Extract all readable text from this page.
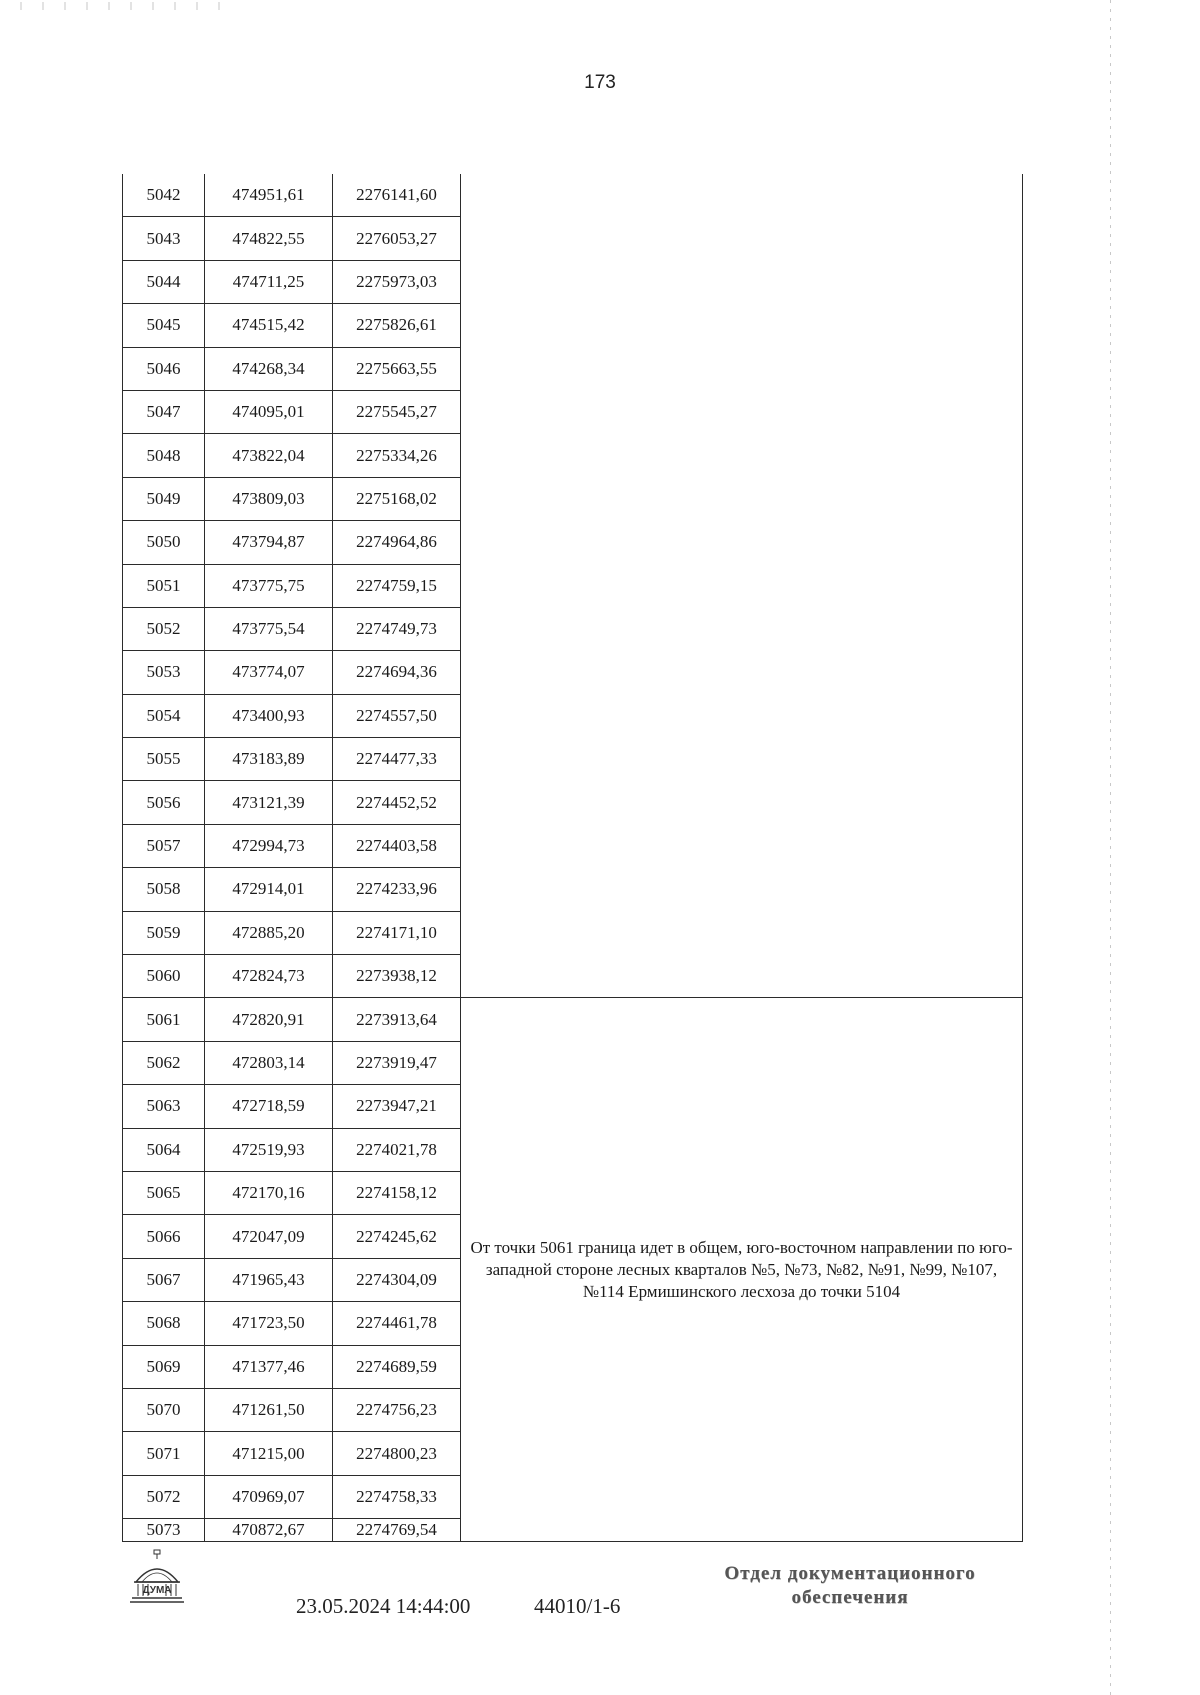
173
5042	474951,61	2276141,60	
5043	474822,55	2276053,27	
5044	474711,25	2275973,03	
5045	474515,42	2275826,61	
5046	474268,34	2275663,55	
5047	474095,01	2275545,27	
5048	473822,04	2275334,26	
5049	473809,03	2275168,02	
5050	473794,87	2274964,86	
5051	473775,75	2274759,15	
5052	473775,54	2274749,73	
5053	473774,07	2274694,36	
5054	473400,93	2274557,50	
5055	473183,89	2274477,33	
5056	473121,39	2274452,52	
5057	472994,73	2274403,58	
5058	472914,01	2274233,96	
5059	472885,20	2274171,10	
5060	472824,73	2273938,12	
5061	472820,91	2273913,64	От точки 5061 граница идет в общем, юго-восточном направлении по юго-западной стороне лесных кварталов №5, №73, №82, №91, №99, №107, №114 Ермишинского лесхоза до точки 5104
5062	472803,14	2273919,47	
5063	472718,59	2273947,21	
5064	472519,93	2274021,78	
5065	472170,16	2274158,12	
5066	472047,09	2274245,62	
5067	471965,43	2274304,09	
5068	471723,50	2274461,78	
5069	471377,46	2274689,59	
5070	471261,50	2274756,23	
5071	471215,00	2274800,23	
5072	470969,07	2274758,33	
5073	470872,67	2274769,54	
ДУМА
23.05.2024 14:44:00	44010/1-6
Отдел документационного
обеспечения
